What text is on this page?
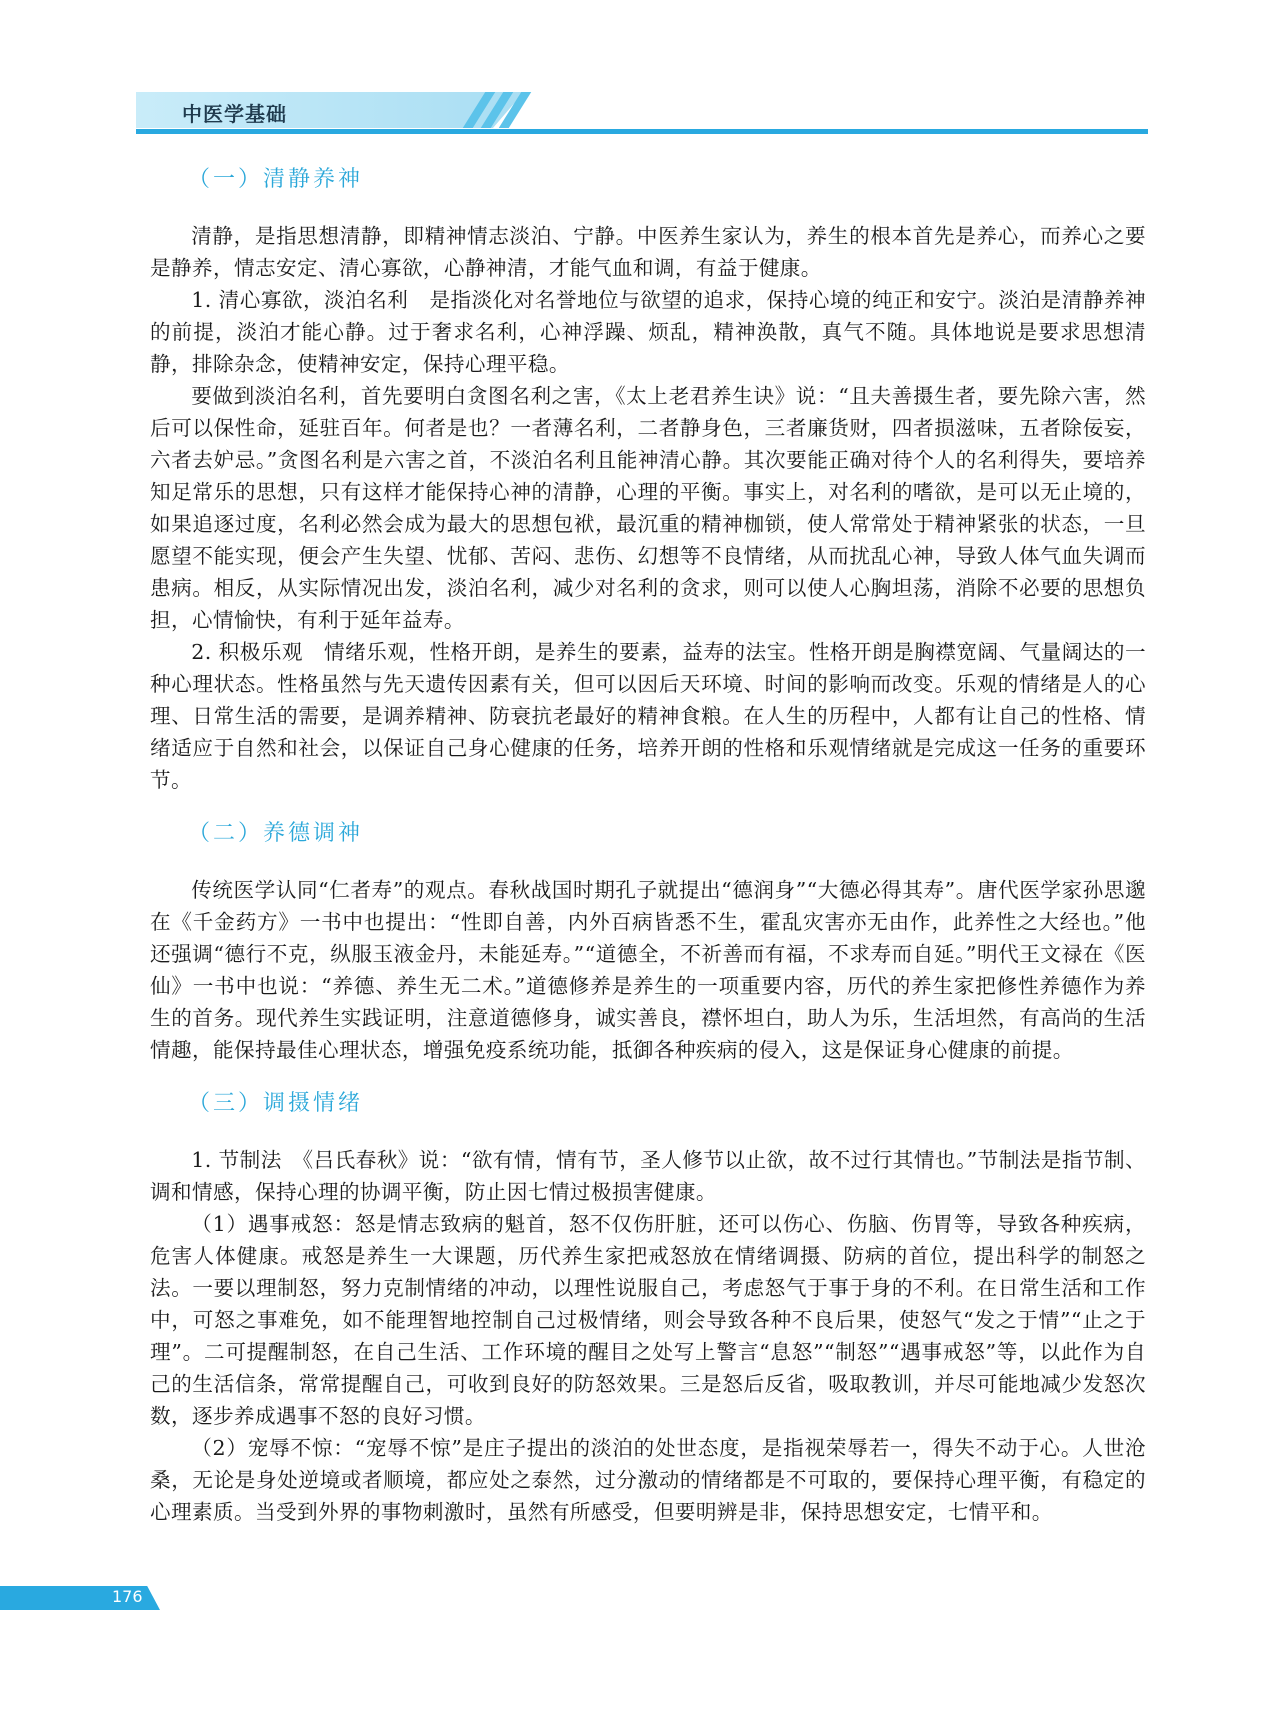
中医学基础
（一）清静养神

清静，是指思想清静，即精神情志淡泊、宁静。中医养生家认为，养生的根本首先是养心，而养心之要是静养，情志安定、清心寡欲，心静神清，才能气血和调，有益于健康。

1. 清心寡欲，淡泊名利　是指淡化对名誉地位与欲望的追求，保持心境的纯正和安宁。淡泊是清静养神的前提，淡泊才能心静。过于奢求名利，心神浮躁、烦乱，精神涣散，真气不随。具体地说是要求思想清静，排除杂念，使精神安定，保持心理平稳。

要做到淡泊名利，首先要明白贪图名利之害，《太上老君养生诀》说：“且夫善摄生者，要先除六害，然后可以保性命，延驻百年。何者是也？一者薄名利，二者静身色，三者廉货财，四者损滋味，五者除佞妄，六者去妒忌。”贪图名利是六害之首，不淡泊名利且能神清心静。其次要能正确对待个人的名利得失，要培养知足常乐的思想，只有这样才能保持心神的清静，心理的平衡。事实上，对名利的嗜欲，是可以无止境的，如果追逐过度，名利必然会成为最大的思想包袱，最沉重的精神枷锁，使人常常处于精神紧张的状态，一旦愿望不能实现，便会产生失望、忧郁、苦闷、悲伤、幻想等不良情绪，从而扰乱心神，导致人体气血失调而患病。相反，从实际情况出发，淡泊名利，减少对名利的贪求，则可以使人心胸坦荡，消除不必要的思想负担，心情愉快，有利于延年益寿。

2. 积极乐观　情绪乐观，性格开朗，是养生的要素，益寿的法宝。性格开朗是胸襟宽阔、气量阔达的一种心理状态。性格虽然与先天遗传因素有关，但可以因后天环境、时间的影响而改变。乐观的情绪是人的心理、日常生活的需要，是调养精神、防衰抗老最好的精神食粮。在人生的历程中，人都有让自己的性格、情绪适应于自然和社会，以保证自己身心健康的任务，培养开朗的性格和乐观情绪就是完成这一任务的重要环节。

（二）养德调神

传统医学认同“仁者寿”的观点。春秋战国时期孔子就提出“德润身”“大德必得其寿”。唐代医学家孙思邈在《千金药方》一书中也提出：“性即自善，内外百病皆悉不生，霍乱灾害亦无由作，此养性之大经也。”他还强调“德行不克，纵服玉液金丹，未能延寿。”“道德全，不祈善而有福，不求寿而自延。”明代王文禄在《医仙》一书中也说：“养德、养生无二术。”道德修养是养生的一项重要内容，历代的养生家把修性养德作为养生的首务。现代养生实践证明，注意道德修身，诚实善良，襟怀坦白，助人为乐，生活坦然，有高尚的生活情趣，能保持最佳心理状态，增强免疫系统功能，抵御各种疾病的侵入，这是保证身心健康的前提。

（三）调摄情绪

1. 节制法　《吕氏春秋》说：“欲有情，情有节，圣人修节以止欲，故不过行其情也。”节制法是指节制、调和情感，保持心理的协调平衡，防止因七情过极损害健康。

（1）遇事戒怒：怒是情志致病的魁首，怒不仅伤肝脏，还可以伤心、伤脑、伤胃等，导致各种疾病，危害人体健康。戒怒是养生一大课题，历代养生家把戒怒放在情绪调摄、防病的首位，提出科学的制怒之法。一要以理制怒，努力克制情绪的冲动，以理性说服自己，考虑怒气于事于身的不利。在日常生活和工作中，可怒之事难免，如不能理智地控制自己过极情绪，则会导致各种不良后果，使怒气“发之于情”“止之于理”。二可提醒制怒，在自己生活、工作环境的醒目之处写上警言“息怒”“制怒”“遇事戒怒”等，以此作为自己的生活信条，常常提醒自己，可收到良好的防怒效果。三是怒后反省，吸取教训，并尽可能地减少发怒次数，逐步养成遇事不怒的良好习惯。

（2）宠辱不惊：“宠辱不惊”是庄子提出的淡泊的处世态度，是指视荣辱若一，得失不动于心。人世沧桑，无论是身处逆境或者顺境，都应处之泰然，过分激动的情绪都是不可取的，要保持心理平衡，有稳定的心理素质。当受到外界的事物刺激时，虽然有所感受，但要明辨是非，保持思想安定，七情平和。

176
